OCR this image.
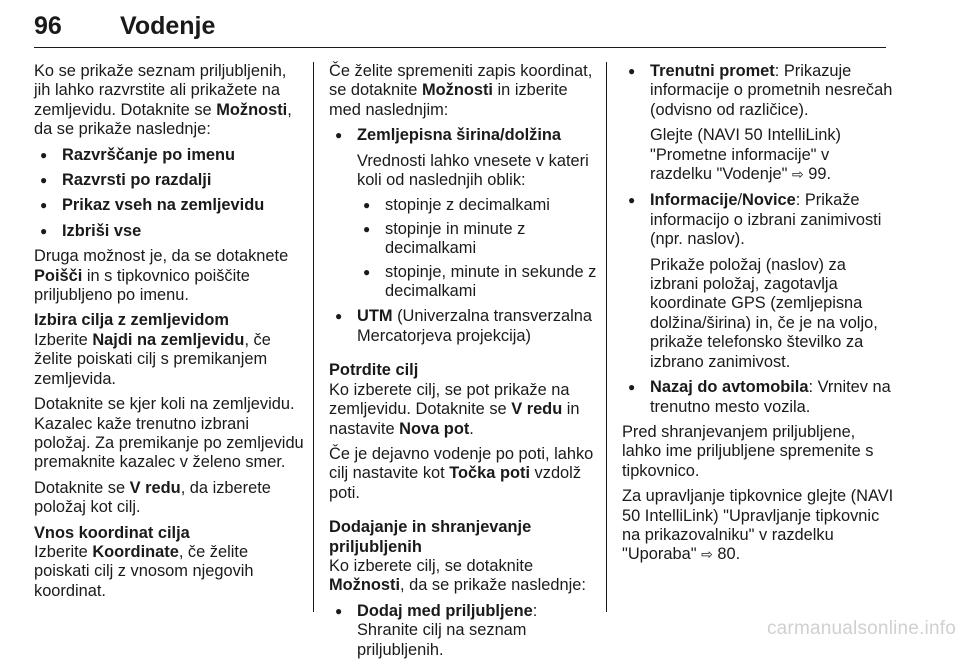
96 Vodenje

Ko se prikaže seznam priljubljenih, jih lahko razvrstite ali prikažete na zemljevidu. Dotaknite se Možnosti, da se prikaže naslednje:

● Razvrščanje po imenu
● Razvrsti po razdalji
● Prikaz vseh na zemljevidu
● Izbriši vse

Druga možnost je, da se dotaknete Poišči in s tipkovnico poiščite priljubljeno po imenu.

Izbira cilja z zemljevidom

Izberite Najdi na zemljevidu, če želite poiskati cilj s premikanjem zemljevida.

Dotaknite se kjer koli na zemljevidu. Kazalec kaže trenutno izbrani položaj. Za premikanje po zemljevidu premaknite kazalec v želeno smer.

Dotaknite se V redu, da izberete položaj kot cilj.

Vnos koordinat cilja

Izberite Koordinate, če želite poiskati cilj z vnosom njegovih koordinat.

Če želite spremeniti zapis koordinat, se dotaknite Možnosti in izberite med naslednjim:

● Zemljepisna širina/dolžina

Vrednosti lahko vnesete v kateri koli od naslednjih oblik:

● stopinje z decimalkami
● stopinje in minute z decimalkami
● stopinje, minute in sekunde z decimalkami
● UTM (Univerzalna transverzalna Mercatorjeva projekcija)

Potrdite cilj

Ko izberete cilj, se pot prikaže na zemljevidu. Dotaknite se V redu in nastavite Nova pot.

Če je dejavno vodenje po poti, lahko cilj nastavite kot Točka poti vzdolž poti.

Dodajanje in shranjevanje priljubljenih

Ko izberete cilj, se dotaknite Možnosti, da se prikaže naslednje:

● Dodaj med priljubljene: Shranite cilj na seznam priljubljenih.
● Trenutni promet: Prikazuje informacije o prometnih nesrečah (odvisno od različice).

Glejte (NAVI 50 IntelliLink) "Prometne informacije" v razdelku "Vodenje" ⇨ 99.

● Informacije/Novice: Prikaže informacijo o izbrani zanimivosti (npr. naslov).

Prikaže položaj (naslov) za izbrani položaj, zagotavlja koordinate GPS (zemljepisna dolžina/širina) in, če je na voljo, prikaže telefonsko številko za izbrano zanimivost.

● Nazaj do avtomobila: Vrnitev na trenutno mesto vozila.

Pred shranjevanjem priljubljene, lahko ime priljubljene spremenite s tipkovnico.

Za upravljanje tipkovnice glejte (NAVI 50 IntelliLink) "Upravljanje tipkovnic na prikazovalniku" v razdelku "Uporaba" ⇨ 80.

carmanualsonline.info
